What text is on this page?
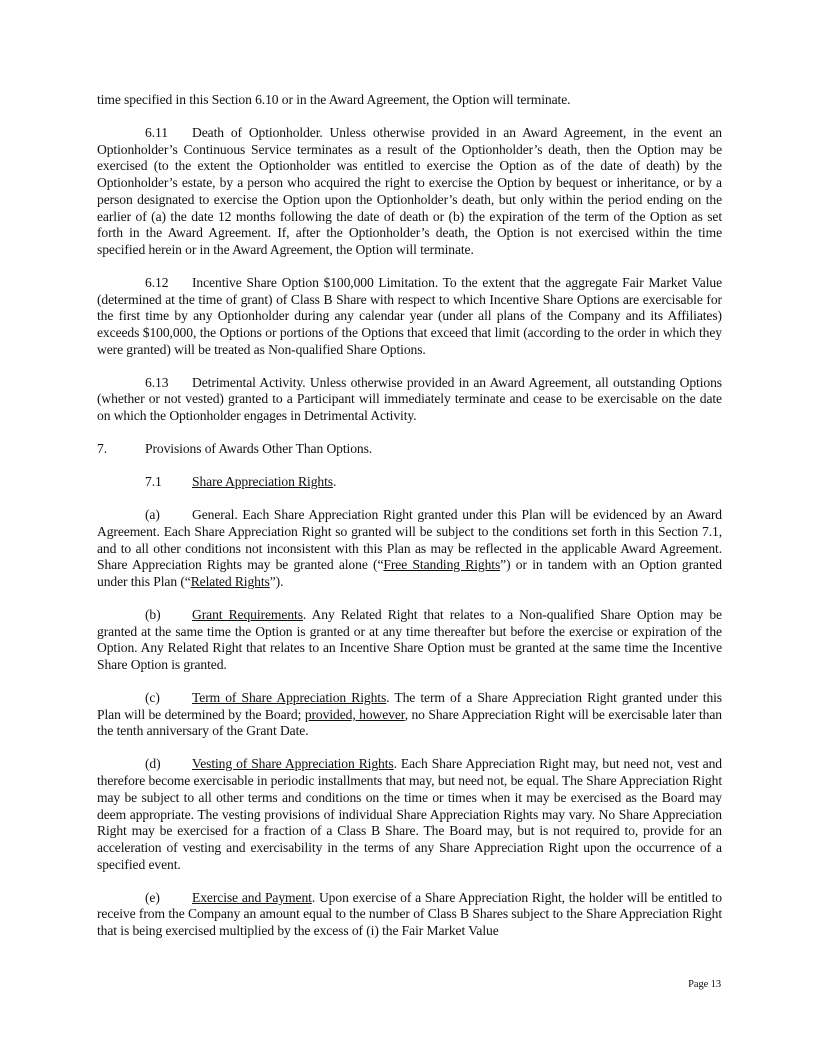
time specified in this Section 6.10 or in the Award Agreement, the Option will terminate.

6.11 Death of Optionholder. Unless otherwise provided in an Award Agreement, in the event an Optionholder’s Continuous Service terminates as a result of the Optionholder’s death, then the Option may be exercised (to the extent the Optionholder was entitled to exercise the Option as of the date of death) by the Optionholder’s estate, by a person who acquired the right to exercise the Option by bequest or inheritance, or by a person designated to exercise the Option upon the Optionholder’s death, but only within the period ending on the earlier of (a) the date 12 months following the date of death or (b) the expiration of the term of the Option as set forth in the Award Agreement. If, after the Optionholder’s death, the Option is not exercised within the time specified herein or in the Award Agreement, the Option will terminate.

6.12 Incentive Share Option $100,000 Limitation. To the extent that the aggregate Fair Market Value (determined at the time of grant) of Class B Share with respect to which Incentive Share Options are exercisable for the first time by any Optionholder during any calendar year (under all plans of the Company and its Affiliates) exceeds $100,000, the Options or portions of the Options that exceed that limit (according to the order in which they were granted) will be treated as Non-qualified Share Options.

6.13 Detrimental Activity. Unless otherwise provided in an Award Agreement, all outstanding Options (whether or not vested) granted to a Participant will immediately terminate and cease to be exercisable on the date on which the Optionholder engages in Detrimental Activity.

7.	Provisions of Awards Other Than Options.

7.1 Share Appreciation Rights.

(a) General. Each Share Appreciation Right granted under this Plan will be evidenced by an Award Agreement. Each Share Appreciation Right so granted will be subject to the conditions set forth in this Section 7.1, and to all other conditions not inconsistent with this Plan as may be reflected in the applicable Award Agreement. Share Appreciation Rights may be granted alone (“Free Standing Rights”) or in tandem with an Option granted under this Plan (“Related Rights”).

(b) Grant Requirements. Any Related Right that relates to a Non-qualified Share Option may be granted at the same time the Option is granted or at any time thereafter but before the exercise or expiration of the Option. Any Related Right that relates to an Incentive Share Option must be granted at the same time the Incentive Share Option is granted.

(c) Term of Share Appreciation Rights. The term of a Share Appreciation Right granted under this Plan will be determined by the Board; provided, however, no Share Appreciation Right will be exercisable later than the tenth anniversary of the Grant Date.

(d) Vesting of Share Appreciation Rights. Each Share Appreciation Right may, but need not, vest and therefore become exercisable in periodic installments that may, but need not, be equal. The Share Appreciation Right may be subject to all other terms and conditions on the time or times when it may be exercised as the Board may deem appropriate. The vesting provisions of individual Share Appreciation Rights may vary. No Share Appreciation Right may be exercised for a fraction of a Class B Share. The Board may, but is not required to, provide for an acceleration of vesting and exercisability in the terms of any Share Appreciation Right upon the occurrence of a specified event.

(e) Exercise and Payment. Upon exercise of a Share Appreciation Right, the holder will be entitled to receive from the Company an amount equal to the number of Class B Shares subject to the Share Appreciation Right that is being exercised multiplied by the excess of (i) the Fair Market Value

Page 13
